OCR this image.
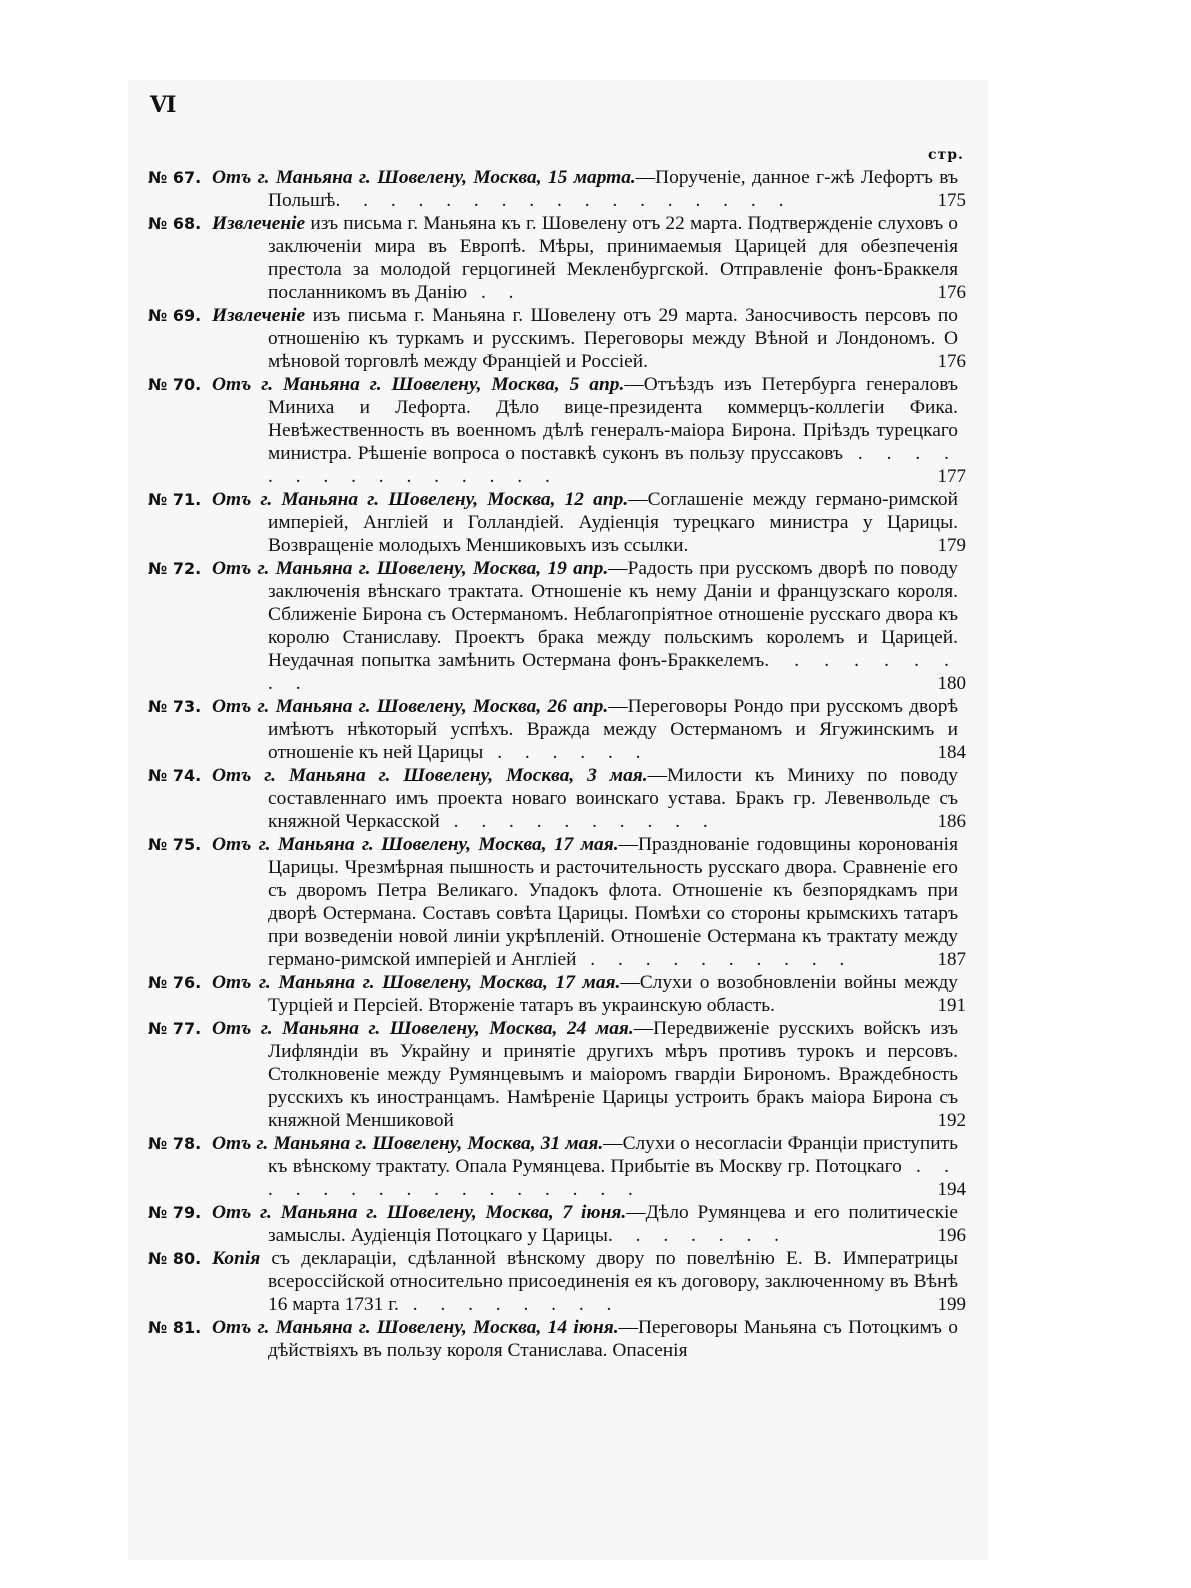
VI
стр.
№ 67. Отъ г. Маньяна г. Шовелену, Москва, 15 марта.—Порученіе, данное г-жѣ Лефортъ въ Польшѣ. . . . . . . . . . . . . . . . .	175
№ 68. Извлеченіе изъ письма г. Маньяна къ г. Шовелену отъ 22 марта. Подтвержденіе слуховъ о заключеніи мира въ Европѣ. Мѣры, принимаемыя Царицей для обезпеченія престола за молодой герцогиней Мекленбургской. Отправленіе фонъ-Браккеля посланникомъ въ Данію . .	176
№ 69. Извлеченіе изъ письма г. Маньяна г. Шовелену отъ 29 марта. Заносчивость персовъ по отношенію къ туркамъ и русскимъ. Переговоры между Вѣной и Лондономъ. О мѣновой торговлѣ между Франціей и Россіей.	176
№ 70. Отъ г. Маньяна г. Шовелену, Москва, 5 апр.—Отъѣздъ изъ Петербурга генераловъ Миниха и Лефорта. Дѣло вице-президента коммерцъ-коллегіи Фика. Невѣжественность въ военномъ дѣлѣ генералъ-маіора Бирона. Пріѣздъ турецкаго министра. Рѣшеніе вопроса о поставкѣ суконъ въ пользу пруссаковъ . . . . . . . . . . . . . . .	177
№ 71. Отъ г. Маньяна г. Шовелену, Москва, 12 апр.—Соглашеніе между германо-римской имперіей, Англіей и Голландіей. Аудіенція турецкаго министра у Царицы. Возвращеніе молодыхъ Меншиковыхъ изъ ссылки.	179
№ 72. Отъ г. Маньяна г. Шовелену, Москва, 19 апр.—Радость при русскомъ дворѣ по поводу заключенія вѣнскаго трактата. Отношеніе къ нему Даніи и французскаго короля. Сближеніе Бирона съ Остерманомъ. Неблагопріятное отношеніе русскаго двора къ королю Станиславу. Проектъ брака между польскимъ королемъ и Царицей. Неудачная попытка замѣнить Остермана фонъ-Браккелемъ. . . . . . . . .	180
№ 73. Отъ г. Маньяна г. Шовелену, Москва, 26 апр.—Переговоры Рондо при русскомъ дворѣ имѣютъ нѣкоторый успѣхъ. Вражда между Остерманомъ и Ягужинскимъ и отношеніе къ ней Царицы . . . . . .	184
№ 74. Отъ г. Маньяна г. Шовелену, Москва, 3 мая.—Милости къ Миниху по поводу составленнаго имъ проекта новаго воинскаго устава. Бракъ гр. Левенвольде съ княжной Черкасской . . . . . . . . . .	186
№ 75. Отъ г. Маньяна г. Шовелену, Москва, 17 мая.—Празднованіе годовщины коронованія Царицы. Чрезмѣрная пышность и расточительность русскаго двора. Сравненіе его съ дворомъ Петра Великаго. Упадокъ флота. Отношеніе къ безпорядкамъ при дворѣ Остермана. Составъ совѣта Царицы. Помѣхи со стороны крымскихъ татаръ при возведеніи новой линіи укрѣпленій. Отношеніе Остермана къ трактату между германо-римской имперіей и Англіей . . . . . . . . . .	187
№ 76. Отъ г. Маньяна г. Шовелену, Москва, 17 мая.—Слухи о возобновленіи войны между Турціей и Персіей. Вторженіе татаръ въ украинскую область.	191
№ 77. Отъ г. Маньяна г. Шовелену, Москва, 24 мая.—Передвиженіе русскихъ войскъ изъ Лифляндіи въ Украйну и принятіе другихъ мѣръ противъ турокъ и персовъ. Столкновеніе между Румянцевымъ и маіоромъ гвардіи Бирономъ. Враждебность русскихъ къ иностранцамъ. Намѣреніе Царицы устроить бракъ маіора Бирона съ княжной Меншиковой	192
№ 78. Отъ г. Маньяна г. Шовелену, Москва, 31 мая.—Слухи о несогласіи Франціи приступить къ вѣнскому трактату. Опала Румянцева. Прибытіе въ Москву гр. Потоцкаго . . . . . . . . . . . . . . . .	194
№ 79. Отъ г. Маньяна г. Шовелену, Москва, 7 іюня.—Дѣло Румянцева и его политическіе замыслы. Аудіенція Потоцкаго у Царицы. . . . . . .	196
№ 80. Копія съ декларацiи, сдѣланной вѣнскому двору по повелѣнію Е. В. Императрицы всероссійской относительно присоединенія ея къ договору, заключенному въ Вѣнѣ 16 марта 1731 г. . . . . . . . .	199
№ 81. Отъ г. Маньяна г. Шовелену, Москва, 14 іюня.—Переговоры Маньяна съ Потоцкимъ о дѣйствіяхъ въ пользу короля Станислава. Опасенія
